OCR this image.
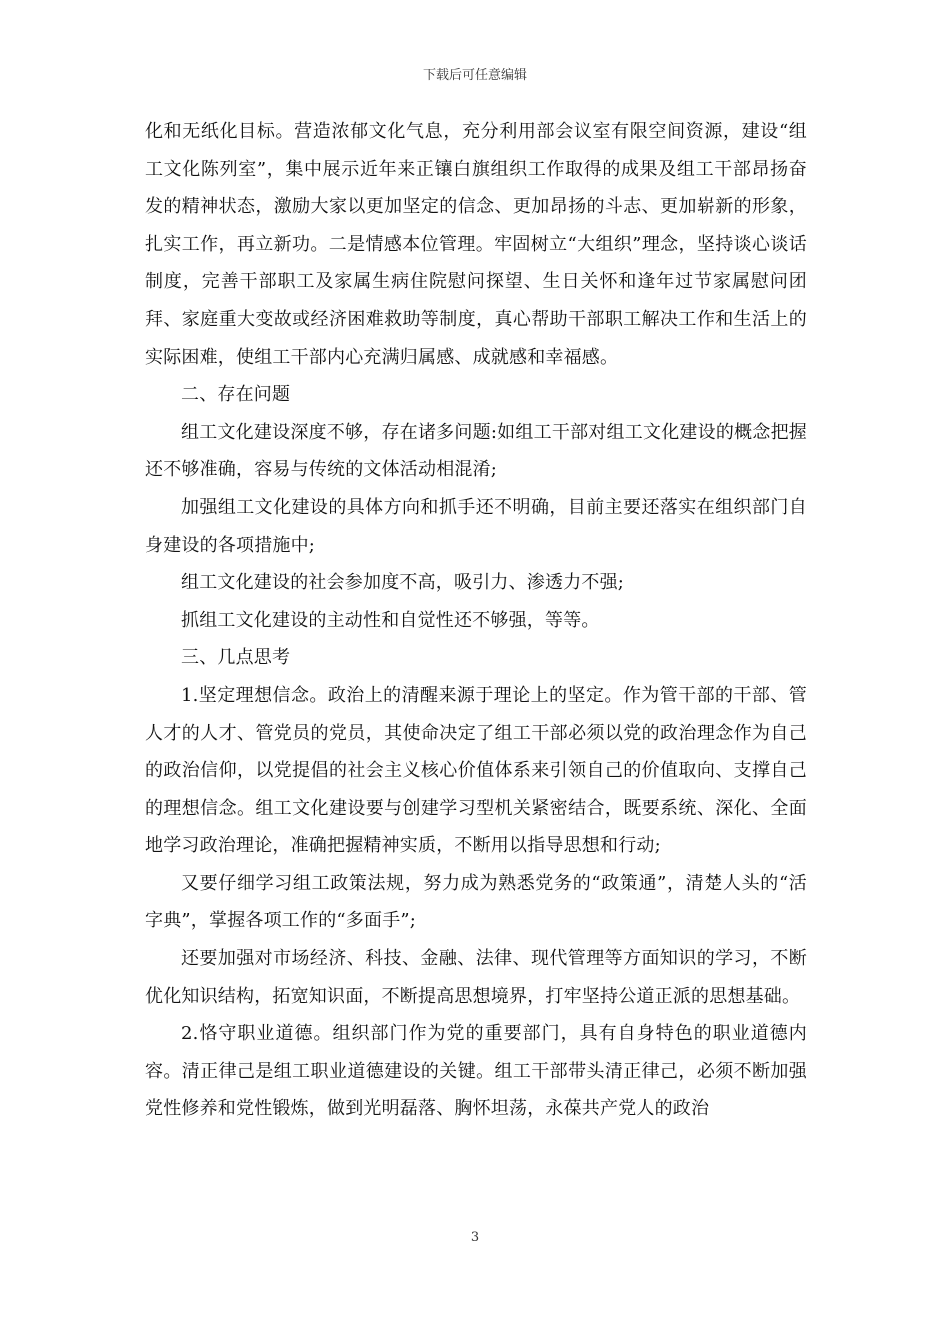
下载后可任意编辑

化和无纸化目标。营造浓郁文化气息，充分利用部会议室有限空间资源，建设“组工文化陈列室”，集中展示近年来正镶白旗组织工作取得的成果及组工干部昂扬奋发的精神状态，激励大家以更加坚定的信念、更加昂扬的斗志、更加崭新的形象，扎实工作，再立新功。二是情感本位管理。牢固树立“大组织”理念，坚持谈心谈话制度，完善干部职工及家属生病住院慰问探望、生日关怀和逢年过节家属慰问团拜、家庭重大变故或经济困难救助等制度，真心帮助干部职工解决工作和生活上的实际困难，使组工干部内心充满归属感、成就感和幸福感。

二、存在问题

组工文化建设深度不够，存在诸多问题:如组工干部对组工文化建设的概念把握还不够准确，容易与传统的文体活动相混淆;

加强组工文化建设的具体方向和抓手还不明确，目前主要还落实在组织部门自身建设的各项措施中;

组工文化建设的社会参加度不高，吸引力、渗透力不强;

抓组工文化建设的主动性和自觉性还不够强，等等。

三、几点思考

1.坚定理想信念。政治上的清醒来源于理论上的坚定。作为管干部的干部、管人才的人才、管党员的党员，其使命决定了组工干部必须以党的政治理念作为自己的政治信仰，以党提倡的社会主义核心价值体系来引领自己的价值取向、支撑自己的理想信念。组工文化建设要与创建学习型机关紧密结合，既要系统、深化、全面地学习政治理论，准确把握精神实质，不断用以指导思想和行动;

又要仔细学习组工政策法规，努力成为熟悉党务的“政策通”，清楚人头的“活字典”，掌握各项工作的“多面手”;

还要加强对市场经济、科技、金融、法律、现代管理等方面知识的学习，不断优化知识结构，拓宽知识面，不断提高思想境界，打牢坚持公道正派的思想基础。

2.恪守职业道德。组织部门作为党的重要部门，具有自身特色的职业道德内容。清正律己是组工职业道德建设的关键。组工干部带头清正律己，必须不断加强党性修养和党性锻炼，做到光明磊落、胸怀坦荡，永葆共产党人的政治

3
